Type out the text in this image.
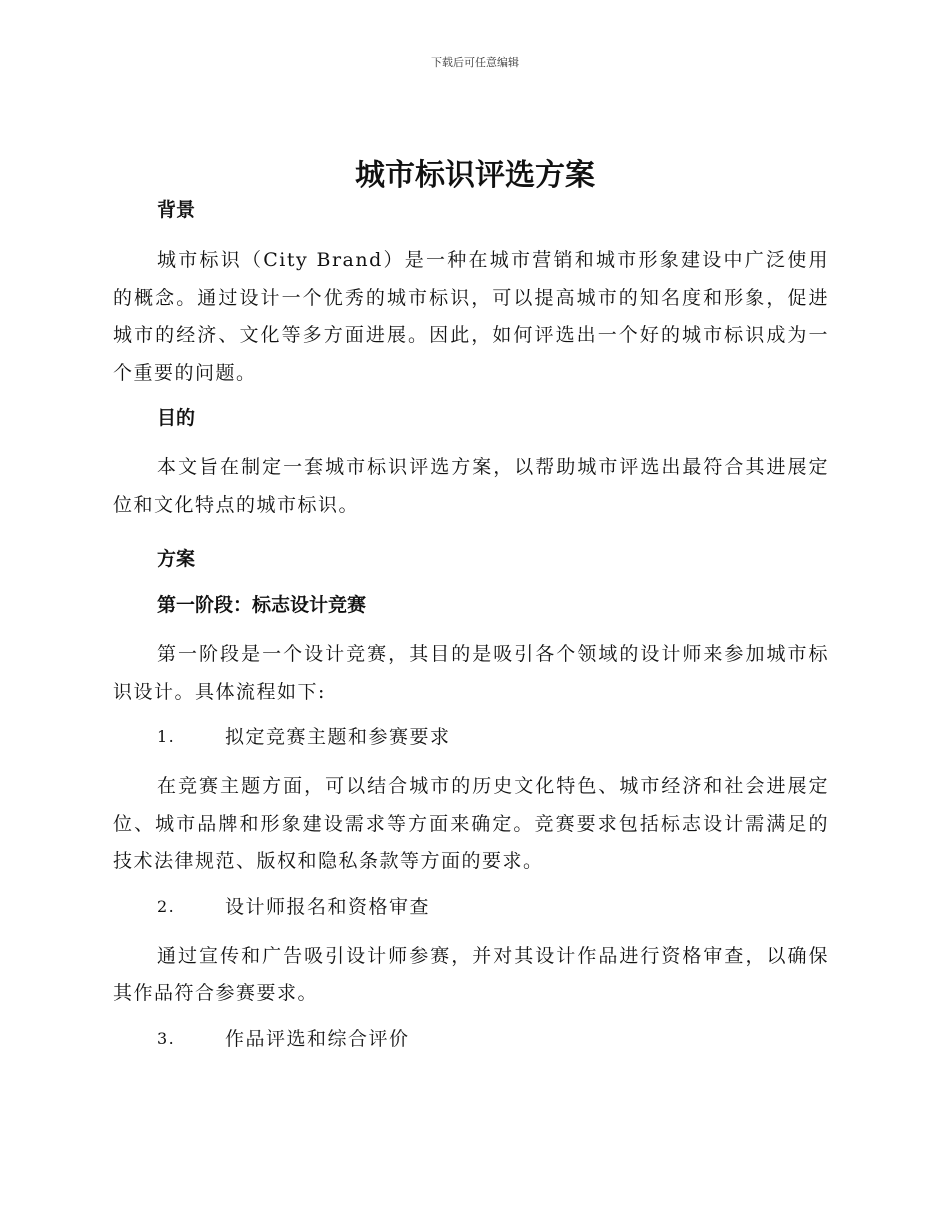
下载后可任意编辑
城市标识评选方案
背景

城市标识（City Brand）是一种在城市营销和城市形象建设中广泛使用的概念。通过设计一个优秀的城市标识，可以提高城市的知名度和形象，促进城市的经济、文化等多方面进展。因此，如何评选出一个好的城市标识成为一个重要的问题。

目的

本文旨在制定一套城市标识评选方案，以帮助城市评选出最符合其进展定位和文化特点的城市标识。

方案
第一阶段：标志设计竞赛

第一阶段是一个设计竞赛，其目的是吸引各个领域的设计师来参加城市标识设计。具体流程如下:

1.	拟定竞赛主题和参赛要求

在竞赛主题方面，可以结合城市的历史文化特色、城市经济和社会进展定位、城市品牌和形象建设需求等方面来确定。竞赛要求包括标志设计需满足的技术法律规范、版权和隐私条款等方面的要求。

2.	设计师报名和资格审查

通过宣传和广告吸引设计师参赛，并对其设计作品进行资格审查，以确保其作品符合参赛要求。

3.	作品评选和综合评价
